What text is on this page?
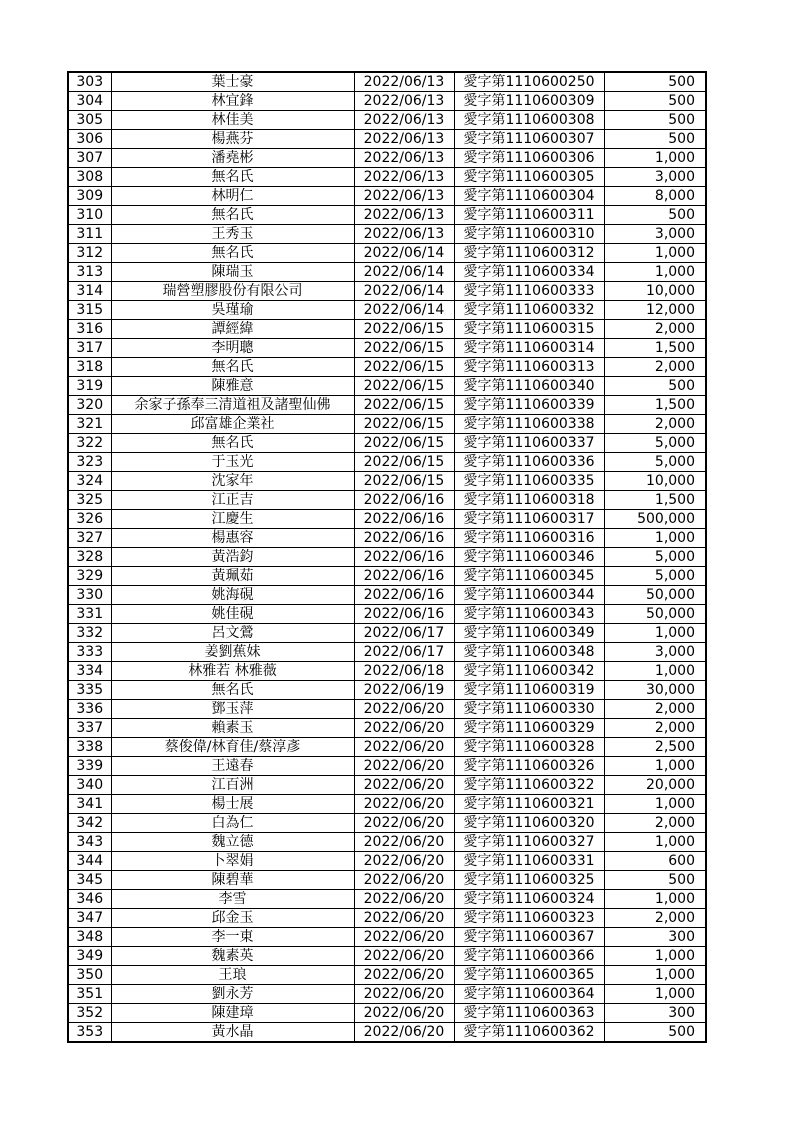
303	葉士豪	2022/06/13	愛字第1110600250	500
304	林宜鋒	2022/06/13	愛字第1110600309	500
305	林佳美	2022/06/13	愛字第1110600308	500
306	楊燕芬	2022/06/13	愛字第1110600307	500
307	潘堯彬	2022/06/13	愛字第1110600306	1,000
308	無名氏	2022/06/13	愛字第1110600305	3,000
309	林明仁	2022/06/13	愛字第1110600304	8,000
310	無名氏	2022/06/13	愛字第1110600311	500
311	王秀玉	2022/06/13	愛字第1110600310	3,000
312	無名氏	2022/06/14	愛字第1110600312	1,000
313	陳瑞玉	2022/06/14	愛字第1110600334	1,000
314	瑞營塑膠股份有限公司	2022/06/14	愛字第1110600333	10,000
315	吳瑾瑜	2022/06/14	愛字第1110600332	12,000
316	譚經緯	2022/06/15	愛字第1110600315	2,000
317	李明聰	2022/06/15	愛字第1110600314	1,500
318	無名氏	2022/06/15	愛字第1110600313	2,000
319	陳雅意	2022/06/15	愛字第1110600340	500
320	余家子孫奉三清道祖及諸聖仙佛	2022/06/15	愛字第1110600339	1,500
321	邱富雄企業社	2022/06/15	愛字第1110600338	2,000
322	無名氏	2022/06/15	愛字第1110600337	5,000
323	于玉光	2022/06/15	愛字第1110600336	5,000
324	沈家年	2022/06/15	愛字第1110600335	10,000
325	江正吉	2022/06/16	愛字第1110600318	1,500
326	江慶生	2022/06/16	愛字第1110600317	500,000
327	楊惠容	2022/06/16	愛字第1110600316	1,000
328	黃浩鈞	2022/06/16	愛字第1110600346	5,000
329	黃珮茹	2022/06/16	愛字第1110600345	5,000
330	姚海硯	2022/06/16	愛字第1110600344	50,000
331	姚佳硯	2022/06/16	愛字第1110600343	50,000
332	呂文鶯	2022/06/17	愛字第1110600349	1,000
333	姜劉蕉妹	2022/06/17	愛字第1110600348	3,000
334	林雅若 林雅薇	2022/06/18	愛字第1110600342	1,000
335	無名氏	2022/06/19	愛字第1110600319	30,000
336	鄧玉萍	2022/06/20	愛字第1110600330	2,000
337	賴素玉	2022/06/20	愛字第1110600329	2,000
338	蔡俊偉/林育佳/蔡淳彥	2022/06/20	愛字第1110600328	2,500
339	王遠春	2022/06/20	愛字第1110600326	1,000
340	江百洲	2022/06/20	愛字第1110600322	20,000
341	楊士展	2022/06/20	愛字第1110600321	1,000
342	白為仁	2022/06/20	愛字第1110600320	2,000
343	魏立德	2022/06/20	愛字第1110600327	1,000
344	卜翠娟	2022/06/20	愛字第1110600331	600
345	陳碧華	2022/06/20	愛字第1110600325	500
346	李雪	2022/06/20	愛字第1110600324	1,000
347	邱金玉	2022/06/20	愛字第1110600323	2,000
348	李一東	2022/06/20	愛字第1110600367	300
349	魏素英	2022/06/20	愛字第1110600366	1,000
350	王琅	2022/06/20	愛字第1110600365	1,000
351	劉永芳	2022/06/20	愛字第1110600364	1,000
352	陳建璋	2022/06/20	愛字第1110600363	300
353	黃水晶	2022/06/20	愛字第1110600362	500
